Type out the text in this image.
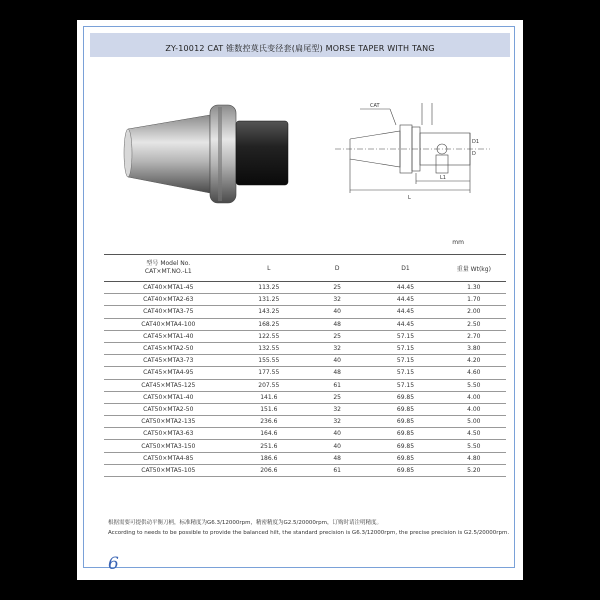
ZY-10012 CAT 锥数控莫氏变径套(扁尾型) MORSE TAPER WITH TANG
CAT
L
L1
D1
D
mm
型号 Model No.
CAT×MT.NO.-L1	L	D	D1	重量 Wt(kg)
CAT40×MTA1-45	113.25	25	44.45	1.30
CAT40×MTA2-63	131.25	32	44.45	1.70
CAT40×MTA3-75	143.25	40	44.45	2.00
CAT40×MTA4-100	168.25	48	44.45	2.50
CAT45×MTA1-40	122.55	25	57.15	2.70
CAT45×MTA2-50	132.55	32	57.15	3.80
CAT45×MTA3-73	155.55	40	57.15	4.20
CAT45×MTA4-95	177.55	48	57.15	4.60
CAT45×MTA5-125	207.55	61	57.15	5.50
CAT50×MTA1-40	141.6	25	69.85	4.00
CAT50×MTA2-50	151.6	32	69.85	4.00
CAT50×MTA2-135	236.6	32	69.85	5.00
CAT50×MTA3-63	164.6	40	69.85	4.50
CAT50×MTA3-150	251.6	40	69.85	5.50
CAT50×MTA4-85	186.6	48	69.85	4.80
CAT50×MTA5-105	206.6	61	69.85	5.20
根据需要可提供动平衡刀柄，标准精度为G6.3/12000rpm，精密精度为G2.5/20000rpm，订购时请注明精度。
According to needs to be possible to provide the balanced hilt, the standard precision is G6.3/12000rpm, the precise precision is G2.5/20000rpm.
6
